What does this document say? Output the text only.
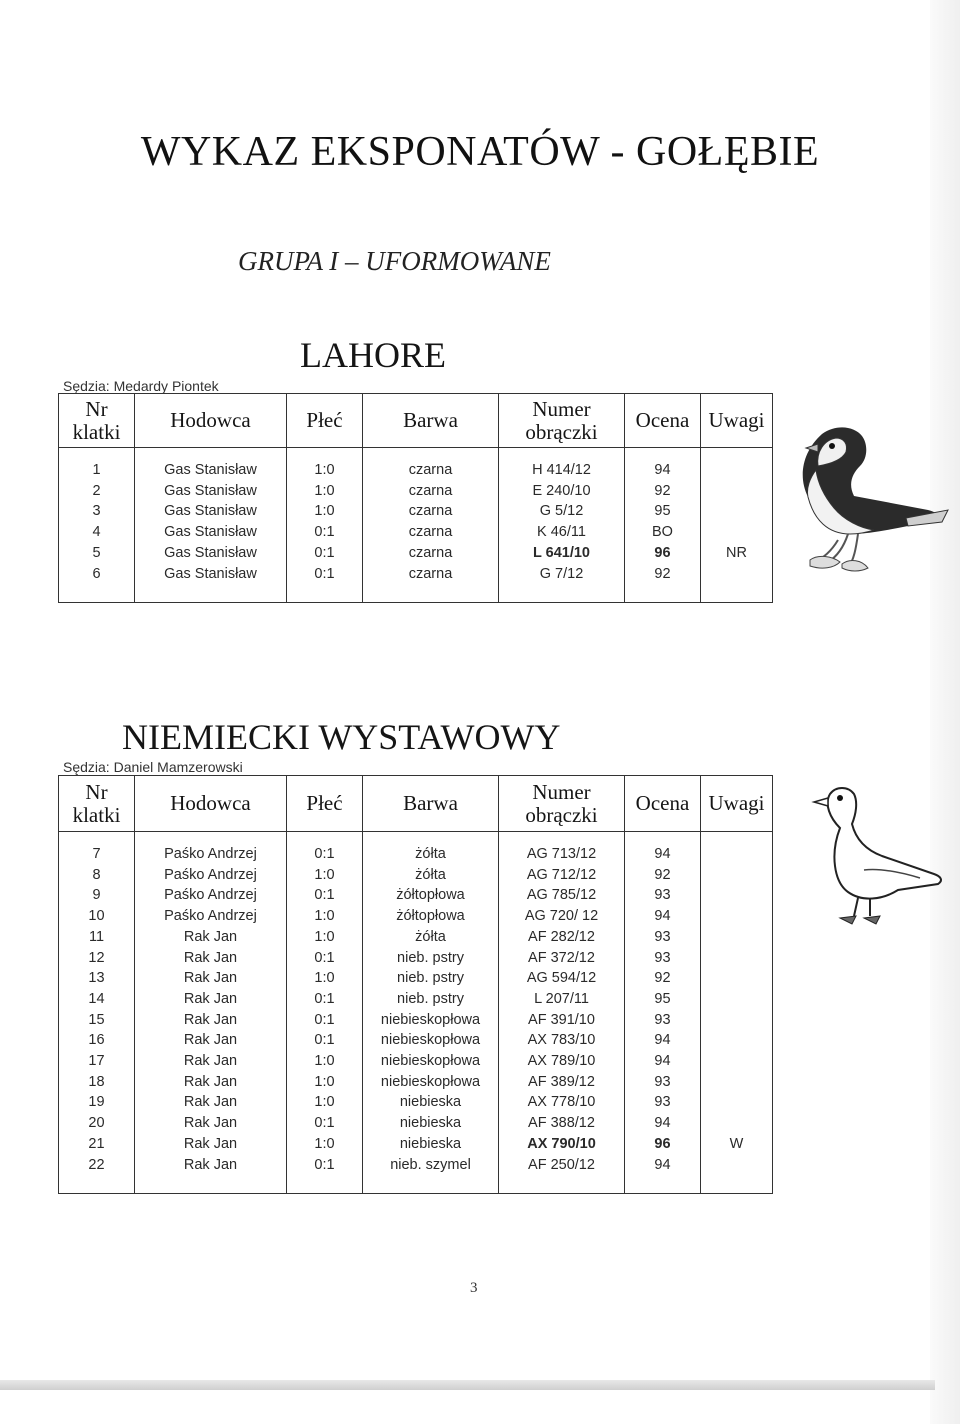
WYKAZ EKSPONATÓW - GOŁĘBIE
GRUPA I – UFORMOWANE
LAHORE
Sędzia: Medardy Piontek
Nr
klatki	Hodowca	Płeć	Barwa	Numer
obrączki	Ocena	Uwagi
1	Gas Stanisław	1:0	czarna	H 414/12	94	
2	Gas Stanisław	1:0	czarna	E 240/10	92	
3	Gas Stanisław	1:0	czarna	G 5/12	95	
4	Gas Stanisław	0:1	czarna	K 46/11	BO	
5	Gas Stanisław	0:1	czarna	L 641/10	96	NR
6	Gas Stanisław	0:1	czarna	G 7/12	92	
NIEMIECKI WYSTAWOWY
Sędzia: Daniel Mamzerowski
Nr
klatki	Hodowca	Płeć	Barwa	Numer
obrączki	Ocena	Uwagi
7	Paśko Andrzej	0:1	żółta	AG 713/12	94	
8	Paśko Andrzej	1:0	żółta	AG 712/12	92	
9	Paśko Andrzej	0:1	żółtopłowa	AG 785/12	93	
10	Paśko Andrzej	1:0	żółtopłowa	AG 720/ 12	94	
11	Rak Jan	1:0	żółta	AF 282/12	93	
12	Rak Jan	0:1	nieb. pstry	AF 372/12	93	
13	Rak Jan	1:0	nieb. pstry	AG 594/12	92	
14	Rak Jan	0:1	nieb. pstry	L 207/11	95	
15	Rak Jan	0:1	niebieskopłowa	AF 391/10	93	
16	Rak Jan	0:1	niebieskopłowa	AX 783/10	94	
17	Rak Jan	1:0	niebieskopłowa	AX 789/10	94	
18	Rak Jan	1:0	niebieskopłowa	AF 389/12	93	
19	Rak Jan	1:0	niebieska	AX 778/10	93	
20	Rak Jan	0:1	niebieska	AF 388/12	94	
21	Rak Jan	1:0	niebieska	AX 790/10	96	W
22	Rak Jan	0:1	nieb. szymel	AF 250/12	94	
3
